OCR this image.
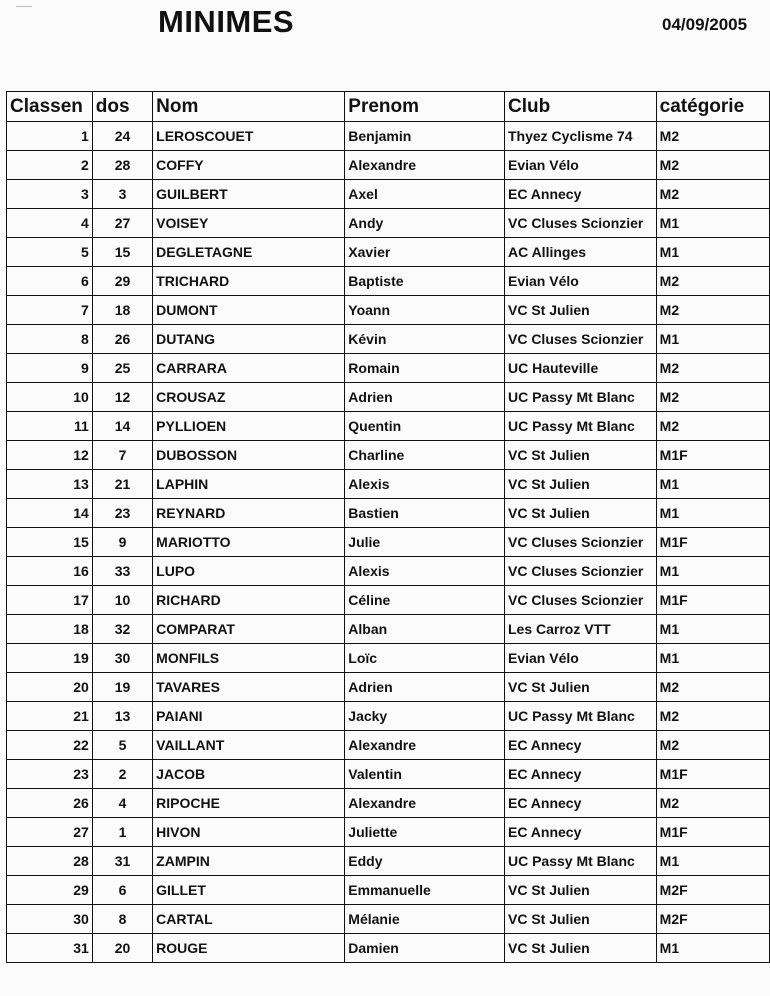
MINIMES	04/09/2005
Classen	dos	Nom	Prenom	Club	catégorie
1	24	LEROSCOUET	Benjamin	Thyez Cyclisme 74	M2
2	28	COFFY	Alexandre	Evian Vélo	M2
3	3	GUILBERT	Axel	EC Annecy	M2
4	27	VOISEY	Andy	VC Cluses Scionzier	M1
5	15	DEGLETAGNE	Xavier	AC Allinges	M1
6	29	TRICHARD	Baptiste	Evian Vélo	M2
7	18	DUMONT	Yoann	VC St Julien	M2
8	26	DUTANG	Kévin	VC Cluses Scionzier	M1
9	25	CARRARA	Romain	UC Hauteville	M2
10	12	CROUSAZ	Adrien	UC Passy Mt Blanc	M2
11	14	PYLLIOEN	Quentin	UC Passy Mt Blanc	M2
12	7	DUBOSSON	Charline	VC St Julien	M1F
13	21	LAPHIN	Alexis	VC St Julien	M1
14	23	REYNARD	Bastien	VC St Julien	M1
15	9	MARIOTTO	Julie	VC Cluses Scionzier	M1F
16	33	LUPO	Alexis	VC Cluses Scionzier	M1
17	10	RICHARD	Céline	VC Cluses Scionzier	M1F
18	32	COMPARAT	Alban	Les Carroz VTT	M1
19	30	MONFILS	Loïc	Evian Vélo	M1
20	19	TAVARES	Adrien	VC St Julien	M2
21	13	PAIANI	Jacky	UC Passy Mt Blanc	M2
22	5	VAILLANT	Alexandre	EC Annecy	M2
23	2	JACOB	Valentin	EC Annecy	M1F
26	4	RIPOCHE	Alexandre	EC Annecy	M2
27	1	HIVON	Juliette	EC Annecy	M1F
28	31	ZAMPIN	Eddy	UC Passy Mt Blanc	M1
29	6	GILLET	Emmanuelle	VC St Julien	M2F
30	8	CARTAL	Mélanie	VC St Julien	M2F
31	20	ROUGE	Damien	VC St Julien	M1
